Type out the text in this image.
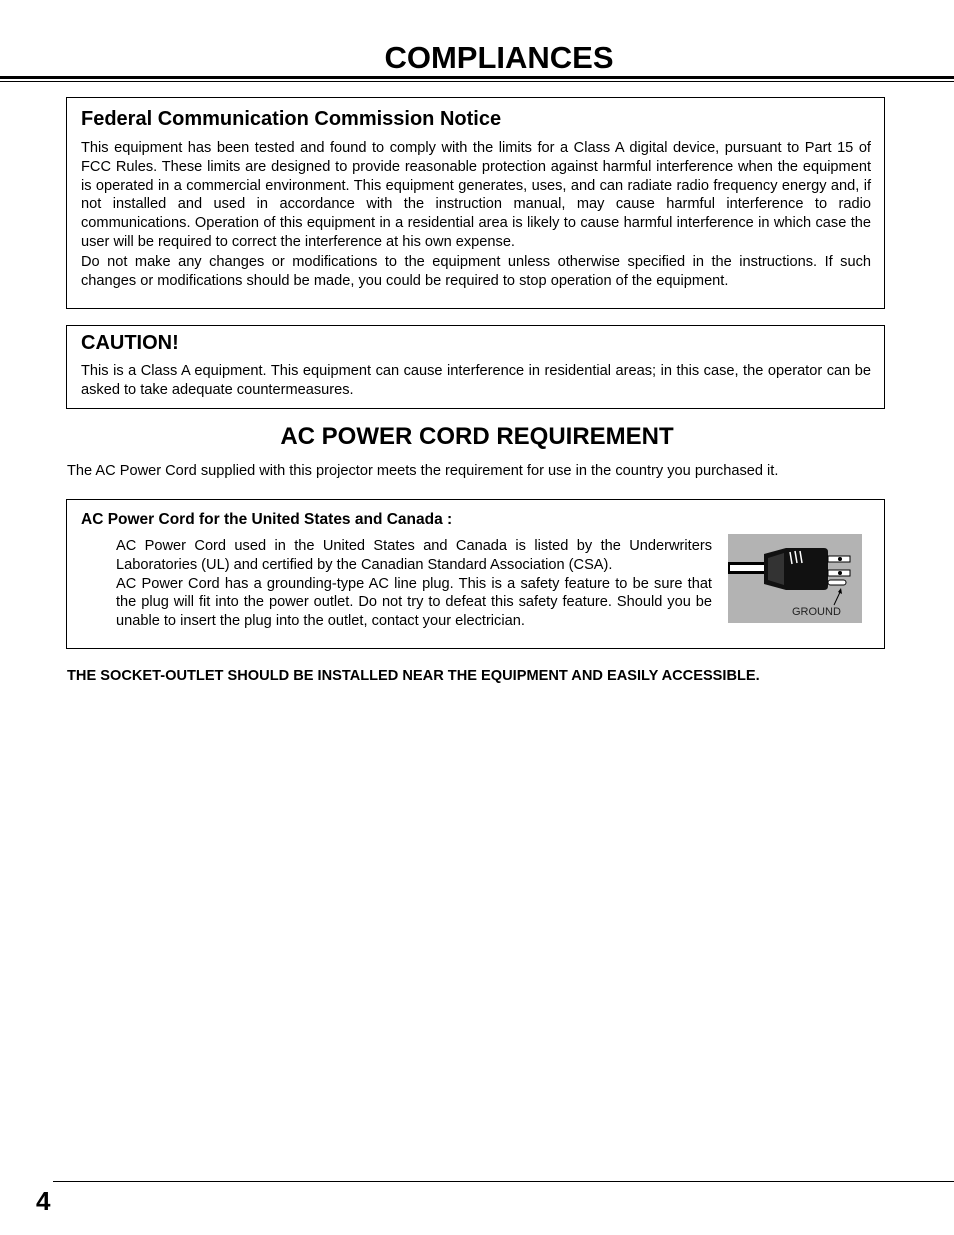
COMPLIANCES
Federal Communication Commission Notice

This equipment has been tested and found to comply with the limits for a Class A digital device, pursuant to Part 15 of FCC Rules. These limits are designed to provide reasonable protection against harmful interference when the equipment is operated in a commercial environment. This equipment generates, uses, and can radiate radio frequency energy and, if not installed and used in accordance with the instruction manual, may cause harmful interference to radio communications. Operation of this equipment in a residential area is likely to cause harmful interference in which case the user will be required to correct the interference at his own expense.

Do not make any changes or modifications to the equipment unless otherwise specified in the instructions. If such changes or modifications should be made, you could be required to stop operation of the equipment.

CAUTION!

This is a Class A equipment. This equipment can cause interference in residential areas; in this case, the operator can be asked to take adequate countermeasures.

AC POWER CORD REQUIREMENT

The AC Power Cord supplied with this projector meets the requirement for use in the country you purchased it.

AC Power Cord for the United States and Canada :

AC Power Cord used in the United States and Canada is listed by the Underwriters Laboratories (UL) and certified by the Canadian Standard Association (CSA).

AC Power Cord has a grounding-type AC line plug. This is a safety feature to be sure that the plug will fit into the power outlet. Do not try to defeat this safety feature. Should you be unable to insert the plug into the outlet, contact your electrician.

GROUND

THE SOCKET-OUTLET SHOULD BE INSTALLED NEAR THE EQUIPMENT AND EASILY ACCESSIBLE.

4
